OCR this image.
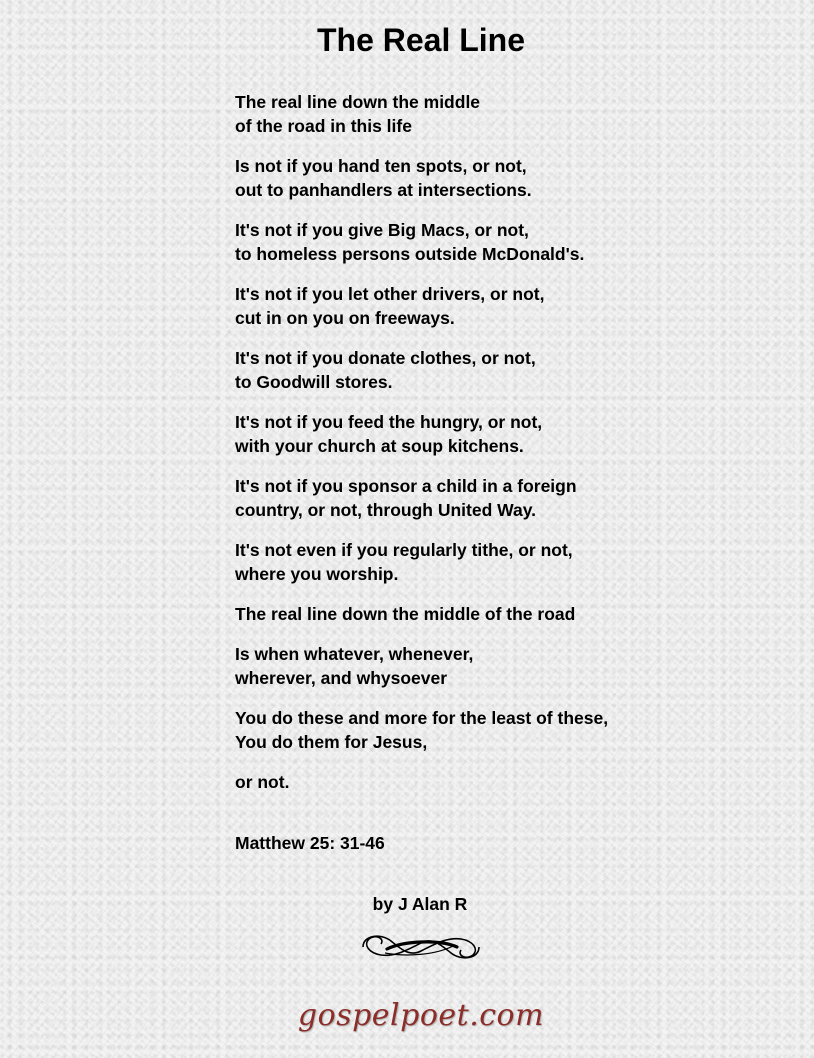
The Real Line

The real line down the middle
of the road in this life

Is not if you hand ten spots, or not,
out to panhandlers at intersections.

It's not if you give Big Macs, or not,
to homeless persons outside McDonald's.

It's not if you let other drivers, or not,
cut in on you on freeways.

It's not if you donate clothes, or not,
to Goodwill stores.

It's not if you feed the hungry, or not,
with your church at soup kitchens.

It's not if you sponsor a child in a foreign
country, or not, through United Way.

It's not even if you regularly tithe, or not,
where you worship.

The real line down the middle of the road

Is when whatever, whenever,
wherever, and whysoever

You do these and more for the least of these,
You do them for Jesus,

or not.

Matthew 25: 31-46
by J Alan R
gospelpoet.com
